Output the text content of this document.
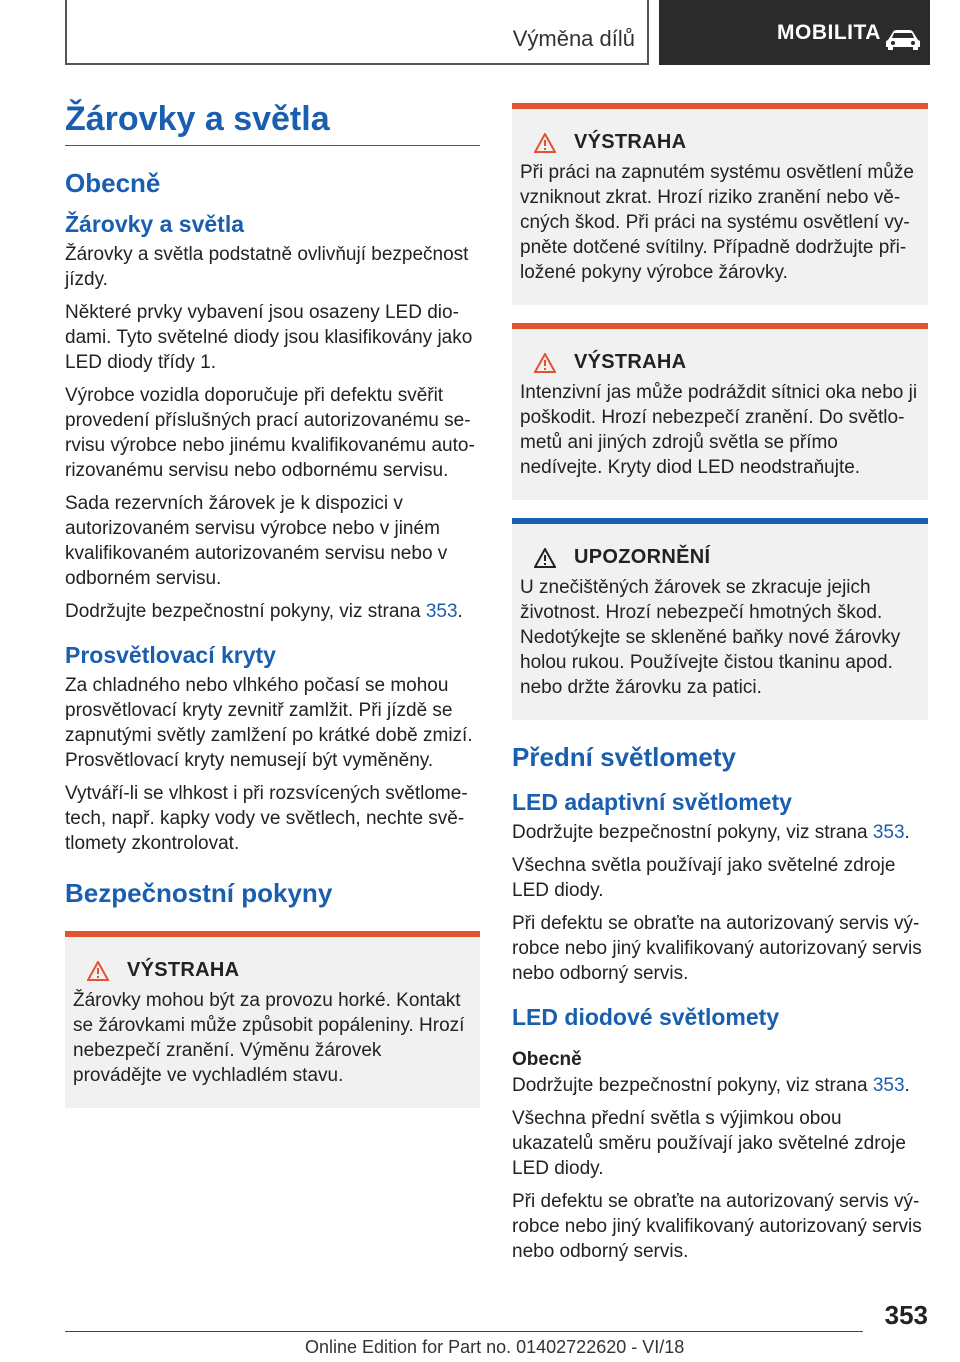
Výměna dílů	MOBILITA
Žárovky a světla
Obecně
Žárovky a světla

Žárovky a světla podstatně ovlivňují bezpečnost jízdy.

Některé prvky vybavení jsou osazeny LED diodami. Tyto světelné diody jsou klasifikovány jako LED diody třídy 1.

Výrobce vozidla doporučuje při defektu svěřit provedení příslušných prací autorizovanému servisu výrobce nebo jinému kvalifikovanému autorizovanému servisu nebo odbornému servisu.

Sada rezervních žárovek je k dispozici v autorizovaném servisu výrobce nebo v jiném kvalifikovaném autorizovaném servisu nebo v odborném servisu.

Dodržujte bezpečnostní pokyny, viz strana 353.

Prosvětlovací kryty

Za chladného nebo vlhkého počasí se mohou prosvětlovací kryty zevnitř zamlžit. Při jízdě se zapnutými světly zamlžení po krátké době zmizí. Prosvětlovací kryty nemusejí být vyměněny.

Vytváří-li se vlhkost i při rozsvícených světlometech, např. kapky vody ve světlech, nechte světlomety zkontrolovat.

Bezpečnostní pokyny
VÝSTRAHA

Žárovky mohou být za provozu horké. Kontakt se žárovkami může způsobit popáleniny. Hrozí nebezpečí zranění. Výměnu žárovek provádějte ve vychladlém stavu.

VÝSTRAHA

Při práci na zapnutém systému osvětlení může vzniknout zkrat. Hrozí riziko zranění nebo věcných škod. Při práci na systému osvětlení vypněte dotčené svítilny. Případně dodržujte přiložené pokyny výrobce žárovky.

VÝSTRAHA

Intenzivní jas může podráždit sítnici oka nebo ji poškodit. Hrozí nebezpečí zranění. Do světlometů ani jiných zdrojů světla se přímo nedívejte. Kryty diod LED neodstraňujte.

UPOZORNĚNÍ

U znečištěných žárovek se zkracuje jejich životnost. Hrozí nebezpečí hmotných škod. Nedotýkejte se skleněné baňky nové žárovky holou rukou. Používejte čistou tkaninu apod. nebo držte žárovku za patici.

Přední světlomety
LED adaptivní světlomety

Dodržujte bezpečnostní pokyny, viz strana 353.

Všechna světla používají jako světelné zdroje LED diody.

Při defektu se obraťte na autorizovaný servis výrobce nebo jiný kvalifikovaný autorizovaný servis nebo odborný servis.

LED diodové světlomety
Obecně

Dodržujte bezpečnostní pokyny, viz strana 353.

Všechna přední světla s výjimkou obou ukazatelů směru používají jako světelné zdroje LED diody.

Při defektu se obraťte na autorizovaný servis výrobce nebo jiný kvalifikovaný autorizovaný servis nebo odborný servis.

353
Online Edition for Part no. 01402722620 - VI/18
